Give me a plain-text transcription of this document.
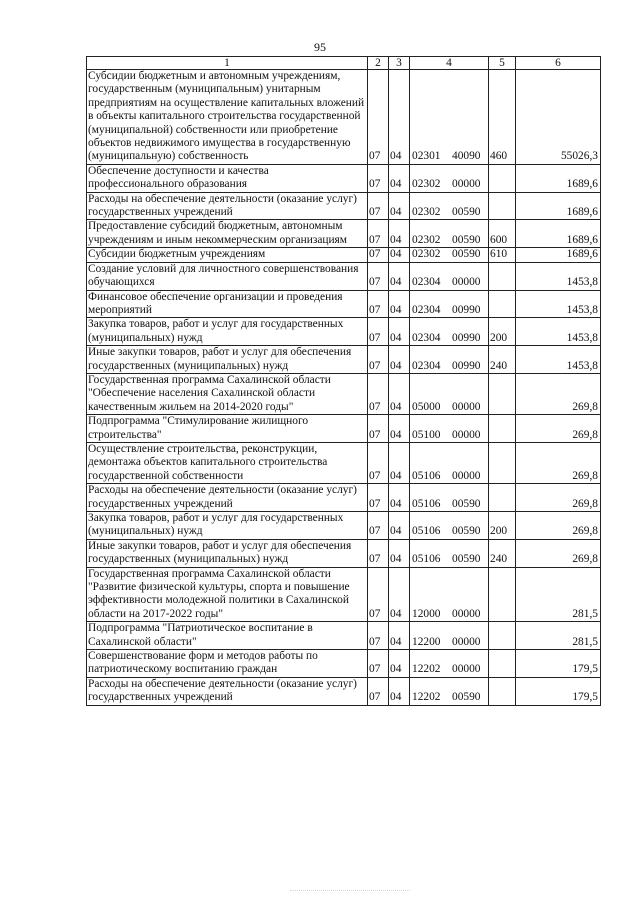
95
1	2	3	4	5	6
Субсидии бюджетным и автономным учреждениям, государственным (муниципальным) унитарным предприятиям на осуществление капитальных вложений в объекты капитального строительства государственной (муниципальной) собственности или приобретение объектов недвижимого имущества в государственную (муниципальную) собственность	07	04	02301 40090	460	55026,3
Обеспечение доступности и качества профессионального образования	07	04	02302 00000		1689,6
Расходы на обеспечение деятельности (оказание услуг) государственных учреждений	07	04	02302 00590		1689,6
Предоставление субсидий бюджетным, автономным учреждениям и иным некоммерческим организациям	07	04	02302 00590	600	1689,6
Субсидии бюджетным учреждениям	07	04	02302 00590	610	1689,6
Создание условий для личностного совершенствования обучающихся	07	04	02304 00000		1453,8
Финансовое обеспечение организации и проведения мероприятий	07	04	02304 00990		1453,8
Закупка товаров, работ и услуг для государственных (муниципальных) нужд	07	04	02304 00990	200	1453,8
Иные закупки товаров, работ и услуг для обеспечения государственных (муниципальных) нужд	07	04	02304 00990	240	1453,8
Государственная программа Сахалинской области "Обеспечение населения Сахалинской области качественным жильем на 2014-2020 годы"	07	04	05000 00000		269,8
Подпрограмма "Стимулирование жилищного строительства"	07	04	05100 00000		269,8
Осуществление строительства, реконструкции, демонтажа объектов капитального строительства государственной собственности	07	04	05106 00000		269,8
Расходы на обеспечение деятельности (оказание услуг) государственных учреждений	07	04	05106 00590		269,8
Закупка товаров, работ и услуг для государственных (муниципальных) нужд	07	04	05106 00590	200	269,8
Иные закупки товаров, работ и услуг для обеспечения государственных (муниципальных) нужд	07	04	05106 00590	240	269,8
Государственная программа Сахалинской области "Развитие физической культуры, спорта и повышение эффективности молодежной политики в Сахалинской области на 2017-2022 годы"	07	04	12000 00000		281,5
Подпрограмма "Патриотическое воспитание в Сахалинской области"	07	04	12200 00000		281,5
Совершенствование форм и методов работы по патриотическому воспитанию граждан	07	04	12202 00000		179,5
Расходы на обеспечение деятельности (оказание услуг) государственных учреждений	07	04	12202 00590		179,5
